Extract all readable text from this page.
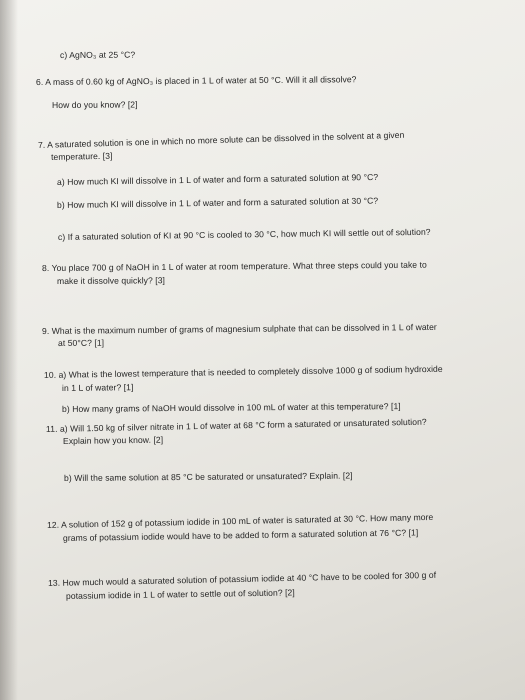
c) AgNO₃ at 25 °C?
6. A mass of 0.60 kg of AgNO₃ is placed in 1 L of water at 50 °C. Will it all dissolve?
How do you know? [2]
7. A saturated solution is one in which no more solute can be dissolved in the solvent at a given
temperature. [3]
a) How much KI will dissolve in 1 L of water and form a saturated solution at 90 °C?
b) How much KI will dissolve in 1 L of water and form a saturated solution at 30 °C?
c) If a saturated solution of KI at 90 °C is cooled to 30 °C, how much KI will settle out of solution?
8. You place 700 g of NaOH in 1 L of water at room temperature. What three steps could you take to
make it dissolve quickly? [3]
9. What is the maximum number of grams of magnesium sulphate that can be dissolved in 1 L of water
at 50°C? [1]
10. a) What is the lowest temperature that is needed to completely dissolve 1000 g of sodium hydroxide
in 1 L of water? [1]
b) How many grams of NaOH would dissolve in 100 mL of water at this temperature? [1]
11. a) Will 1.50 kg of silver nitrate in 1 L of water at 68 °C form a saturated or unsaturated solution?
Explain how you know. [2]
b) Will the same solution at 85 °C be saturated or unsaturated? Explain. [2]
12. A solution of 152 g of potassium iodide in 100 mL of water is saturated at 30 °C. How many more
grams of potassium iodide would have to be added to form a saturated solution at 76 °C? [1]
13. How much would a saturated solution of potassium iodide at 40 °C have to be cooled for 300 g of
potassium iodide in 1 L of water to settle out of solution? [2]
